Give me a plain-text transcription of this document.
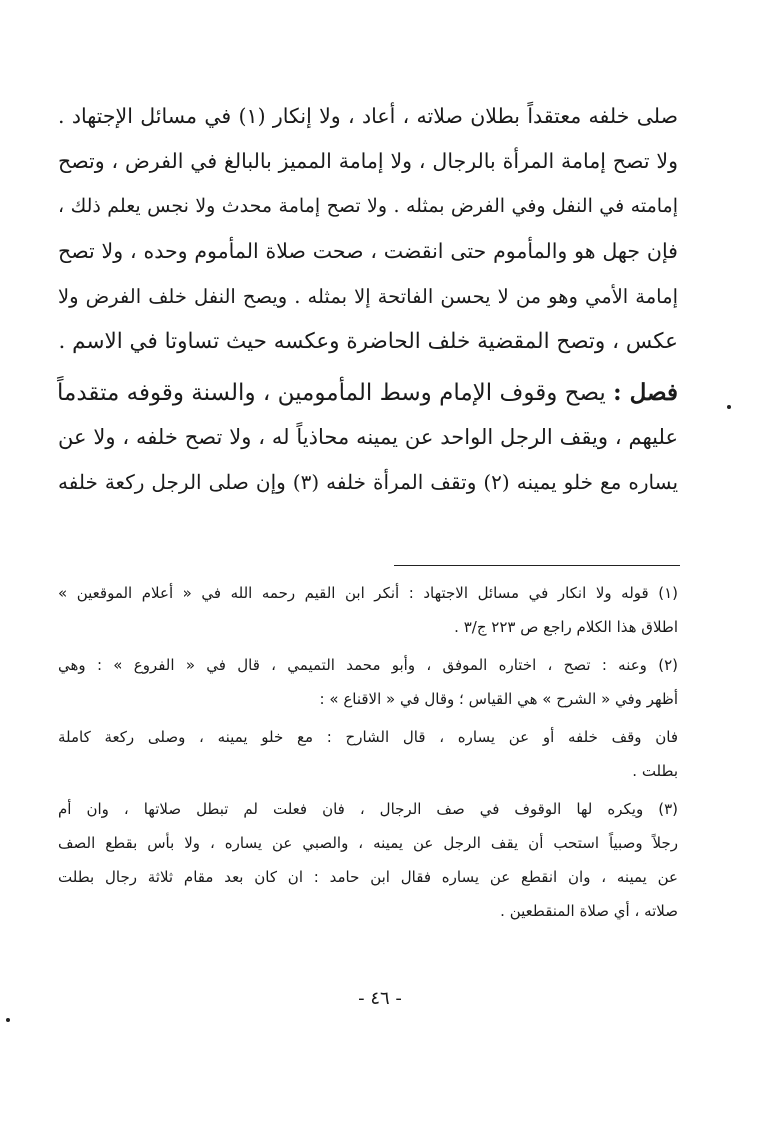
صلى خلفه معتقداً بطلان صلاته ، أعاد ، ولا إنكار (١) في مسائل الإجتهاد .
ولا تصح إمامة المرأة بالرجال ، ولا إمامة المميز بالبالغ في الفرض ، وتصح
إمامته في النفل وفي الفرض بمثله . ولا تصح إمامة محدث ولا نجس يعلم ذلك ،
فإن جهل هو والمأموم حتى انقضت ، صحت صلاة المأموم وحده ، ولا تصح
إمامة الأمي وهو من لا يحسن الفاتحة إلا بمثله . ويصح النفل خلف الفرض ولا
عكس ، وتصح المقضية خلف الحاضرة وعكسه حيث تساوتا في الاسم .
فصل : يصح وقوف الإمام وسط المأمومين ، والسنة وقوفه متقدماً
عليهم ، ويقف الرجل الواحد عن يمينه محاذياً له ، ولا تصح خلفه ، ولا عن
يساره مع خلو يمينه (٢) وتقف المرأة خلفه (٣) وإن صلى الرجل ركعة خلفه
(١) قوله ولا انكار في مسائل الاجتهاد : أنكر ابن القيم رحمه الله في « أعلام الموقعين »
اطلاق هذا الكلام راجع ص ٢٢٣ ج/٣ .
(٢) وعنه : تصح ، اختاره الموفق ، وأبو محمد التميمي ، قال في « الفروع » : وهي
أظهر وفي « الشرح » هي القياس ؛ وقال في « الاقناع » :
فان وقف خلفه أو عن يساره ، قال الشارح : مع خلو يمينه ، وصلى ركعة كاملة
بطلت .
(٣) ويكره لها الوقوف في صف الرجال ، فان فعلت لم تبطل صلاتها ، وان أم
رجلاً وصبياً استحب أن يقف الرجل عن يمينه ، والصبي عن يساره ، ولا بأس بقطع الصف
عن يمينه ، وان انقطع عن يساره فقال ابن حامد : ان كان بعد مقام ثلاثة رجال بطلت
صلاته ، أي صلاة المنقطعين .
- ٤٦ -
